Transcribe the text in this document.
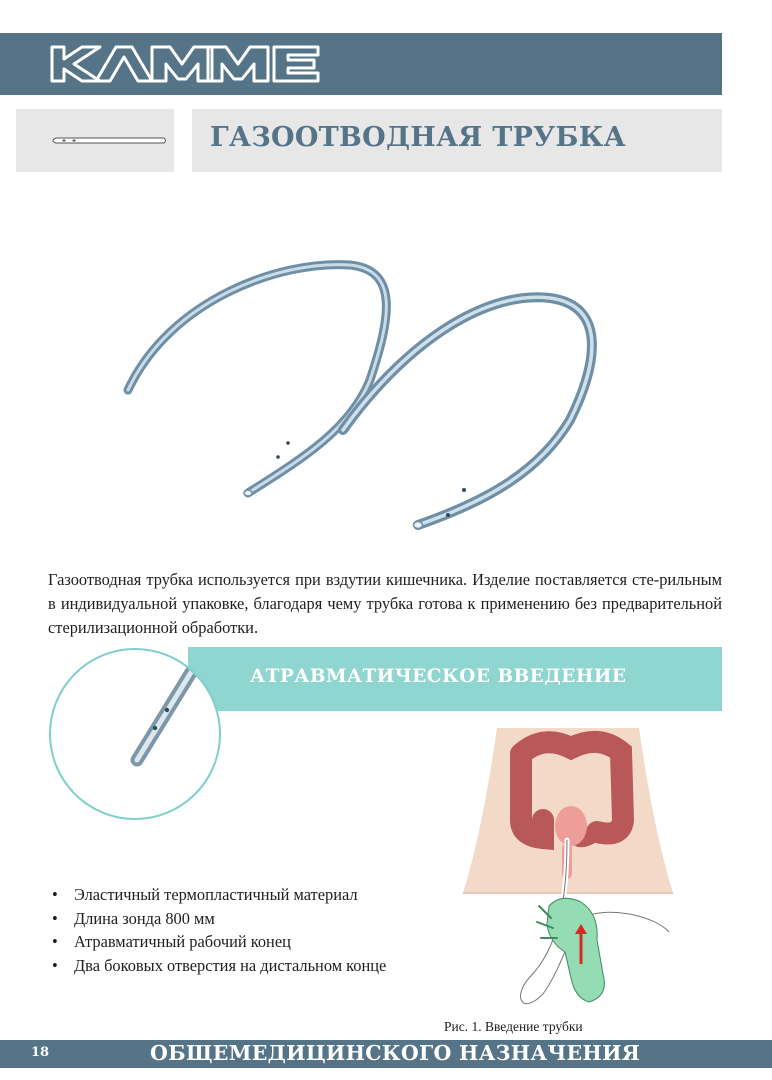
ГАЗООТВОДНАЯ ТРУБКА

Газоотводная трубка используется при вздутии кишечника. Изделие поставляется сте-рильным в индивидуальной упаковке, благодаря чему трубка готова к применению без предварительной стерилизационной обработки.

АТРАВМАТИЧЕСКОЕ ВВЕДЕНИЕ
• Эластичный термопластичный материал
• Длина зонда 800 мм
• Атравматичный рабочий конец
• Два боковых отверстия на дистальном конце

Рис. 1. Введение трубки

18	ОБЩЕМЕДИЦИНСКОГО НАЗНАЧЕНИЯ
